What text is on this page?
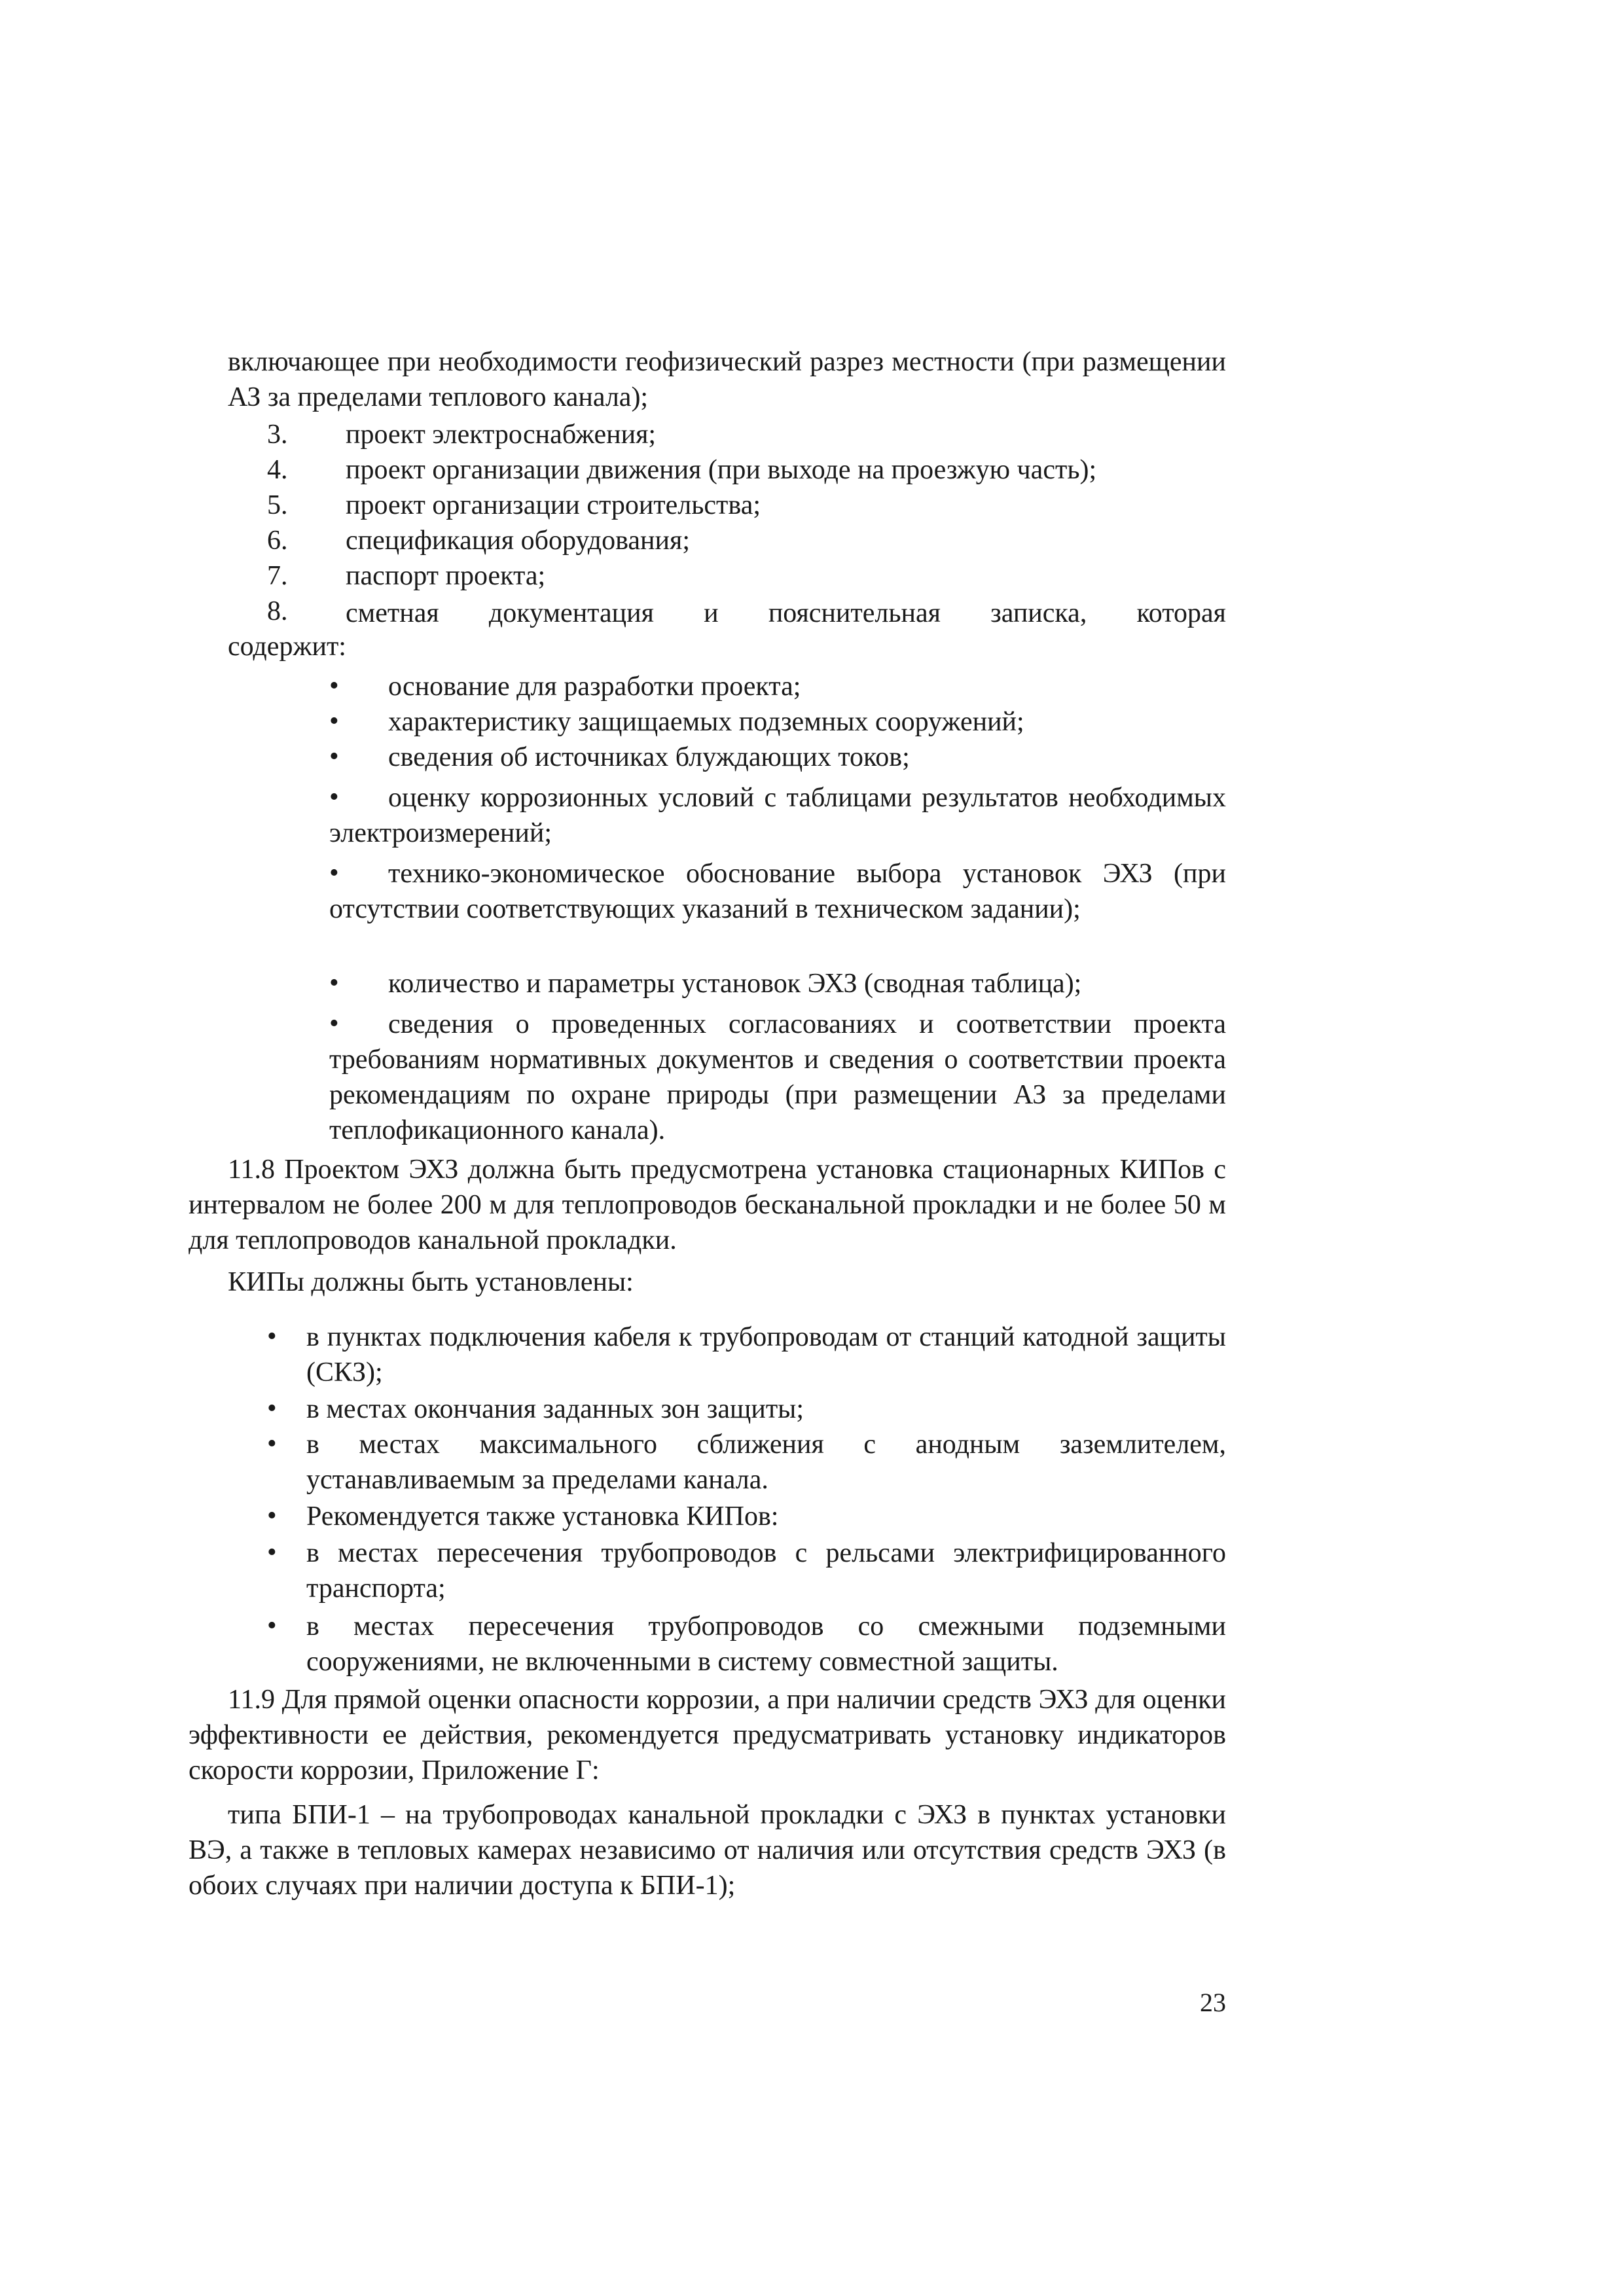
включающее при необходимости геофизический разрез местности (при размещении АЗ за пределами теплового канала);

3. проект электроснабжения;
4. проект организации движения (при выходе на проезжую часть);
5. проект организации строительства;
6. спецификация оборудования;
7. паспорт проекта;
8. сметная документация и пояснительная записка, которая

содержит:
• основание для разработки проекта;

• характеристику защищаемых подземных сооружений;

• сведения об источниках блуждающих токов;

•	оценку коррозионных условий с таблицами результатов необходимых электроизмерений;

•	технико-экономическое обоснование выбора установок ЭХЗ (при отсутствии соответствующих указаний в техническом задании);

• количество и параметры установок ЭХЗ (сводная таблица);

•	сведения о проведенных согласованиях и соответствии проекта требованиям нормативных документов и сведения о соответствии проекта рекомендациям по охране природы (при размещении АЗ за пределами теплофикационного канала).

11.8 Проектом ЭХЗ должна быть предусмотрена установка стационарных КИПов с интервалом не более 200 м для теплопроводов бесканальной прокладки и не более 50 м для теплопроводов канальной прокладки.

КИПы должны быть установлены:

• в пунктах подключения кабеля к трубопроводам от станций катодной защиты (СКЗ);

• в местах окончания заданных зон защиты;

• в местах максимального сближения с анодным заземлителем, устанавливаемым за пределами канала.

• Рекомендуется также установка КИПов:

• в местах пересечения трубопроводов с рельсами электрифицированного транспорта;

• в местах пересечения трубопроводов со смежными подземными сооружениями, не включенными в систему совместной защиты.

11.9 Для прямой оценки опасности коррозии, а при наличии средств ЭХЗ для оценки эффективности ее действия, рекомендуется предусматривать установку индикаторов скорости коррозии, Приложение Г:

типа БПИ-1 – на трубопроводах канальной прокладки с ЭХЗ в пунктах установки ВЭ, а также в тепловых камерах независимо от наличия или отсутствия средств ЭХЗ (в обоих случаях при наличии доступа к БПИ-1);

23
